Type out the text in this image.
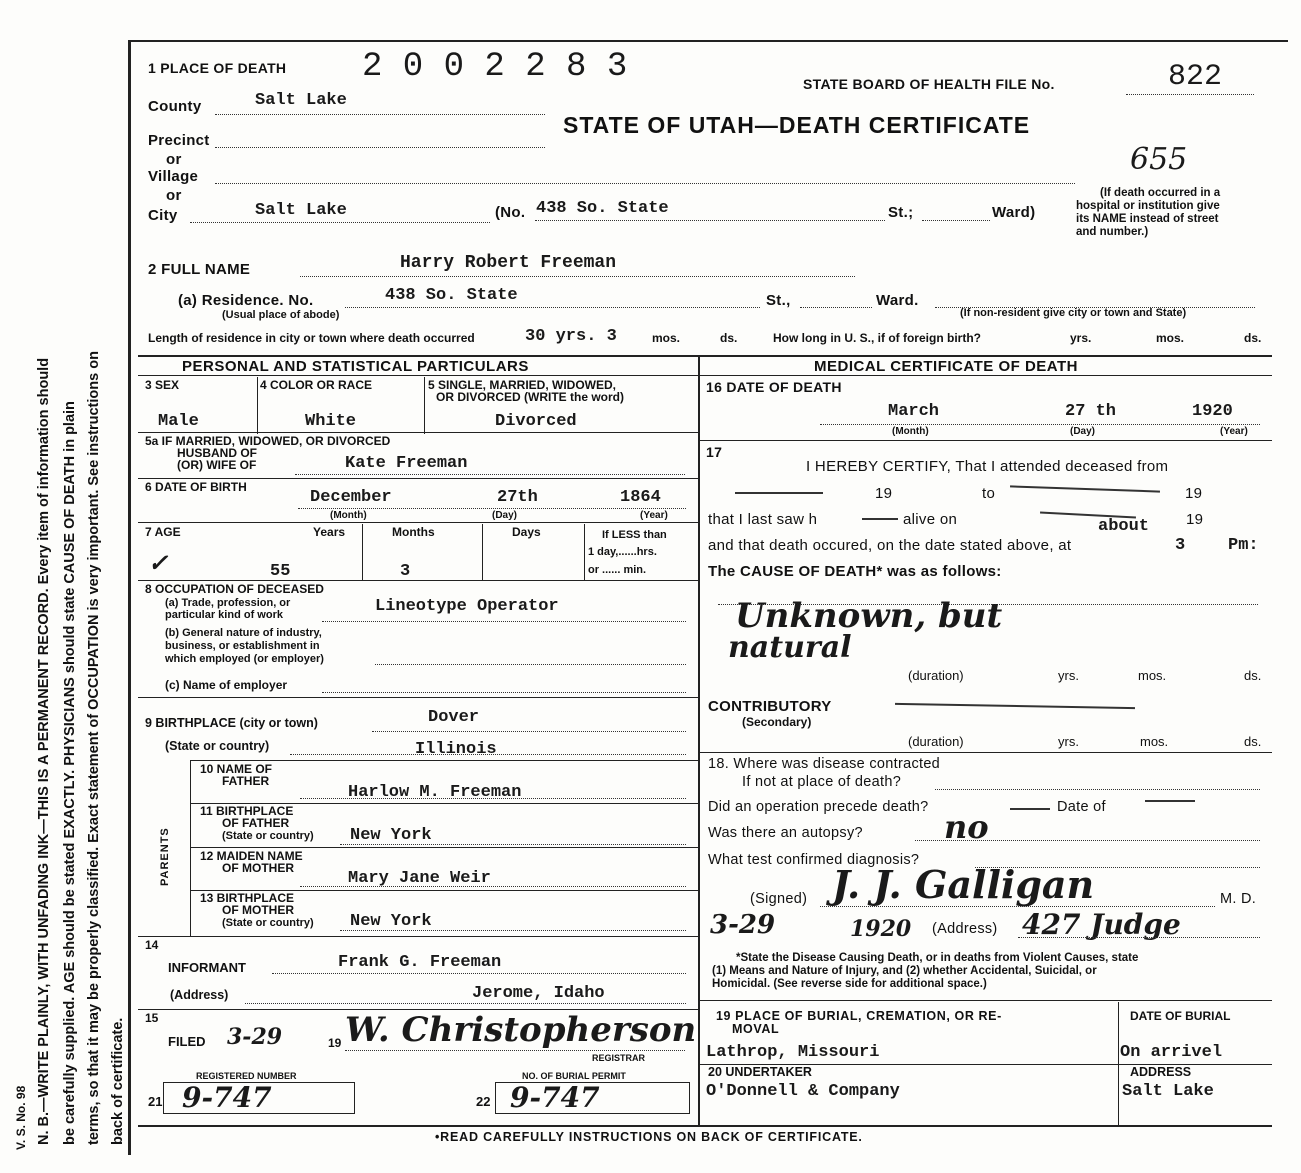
N. B.—WRITE PLAINLY, WITH UNFADING INK—THIS IS A PERMANENT RECORD. Every item of information should be carefully supplied. AGE should be stated EXACTLY. PHYSICIANS should state CAUSE OF DEATH in plain terms, so that it may be properly classified. Exact statement of OCCUPATION is very important. See instructions on back of certificate.
V. S. No. 98
1 PLACE OF DEATH 2 0 0 2 2 8 3	STATE BOARD OF HEALTH FILE No.	822
STATE OF UTAH—DEATH CERTIFICATE
655
County	Salt Lake
Precinct
or
Village
or
City	Salt Lake	(No. 438 So. State	St.;	Ward)
(If death occurred in a
hospital or institution give
its NAME instead of street
and number.)
2 FULL NAME	Harry Robert Freeman
(a) Residence. No.	438 So. State	St.,	Ward.
(Usual place of abode)	(If non-resident give city or town and State)
Length of residence in city or town where death occurred	30 yrs. 3	mos.	ds.	How long in U. S., if of foreign birth?	yrs.	mos.	ds.
PERSONAL AND STATISTICAL PARTICULARS
3 SEX	4 COLOR OR RACE	5 SINGLE, MARRIED, WIDOWED,
OR DIVORCED (WRITE the word)
Male	White	Divorced
5a IF MARRIED, WIDOWED, OR DIVORCED
HUSBAND OF
(OR) WIFE OF	Kate Freeman
6 DATE OF BIRTH
December	27th	1864
(Month)	(Day)	(Year)
7 AGE	Years	Months	Days	If LESS than
1 day,......hrs.
or ...... min.
✓	55	3
8 OCCUPATION OF DECEASED
(a) Trade, profession, or
particular kind of work	Lineotype Operator
(b) General nature of industry,
business, or establishment in
which employed (or employer)
(c) Name of employer
9 BIRTHPLACE (city or town)	Dover
(State or country)	Illinois
PARENTS
10 NAME OF
FATHER
Harlow M. Freeman
11 BIRTHPLACE
OF FATHER
(State or country) New York
12 MAIDEN NAME
OF MOTHER
Mary Jane Weir
13 BIRTHPLACE
OF MOTHER
(State or country) New York
14
INFORMANT	Frank G. Freeman
(Address)	Jerome, Idaho
15
FILED 3-29	19 W. Christopherson
REGISTRAR
REGISTERED NUMBER
21 9-747
NO. OF BURIAL PERMIT
22 9-747
MEDICAL CERTIFICATE OF DEATH
16 DATE OF DEATH
March	27 th	1920
(Month)	(Day)	(Year)
17
I HEREBY CERTIFY, That I attended deceased from
19	to	19
that I last saw h	alive on	19
about
and that death occured, on the date stated above, at	3	Pm:
The CAUSE OF DEATH* was as follows:
Unknown, but
natural
(duration)	yrs.	mos.	ds.
CONTRIBUTORY
(Secondary)
(duration)	yrs.	mos.	ds.
18. Where was disease contracted
If not at place of death?
Did an operation precede death?	Date of
Was there an autopsy?	no
What test confirmed diagnosis?
(Signed) J. J. Galligan	M. D.
3-29	1920 (Address) 427 Judge
*State the Disease Causing Death, or in deaths from Violent Causes, state
(1) Means and Nature of Injury, and (2) whether Accidental, Suicidal, or
Homicidal. (See reverse side for additional space.)
19 PLACE OF BURIAL, CREMATION, OR RE-
MOVAL
DATE OF BURIAL
Lathrop, Missouri	On arrivel
20 UNDERTAKER	ADDRESS
O'Donnell & Company	Salt Lake
•READ CAREFULLY INSTRUCTIONS ON BACK OF CERTIFICATE.
